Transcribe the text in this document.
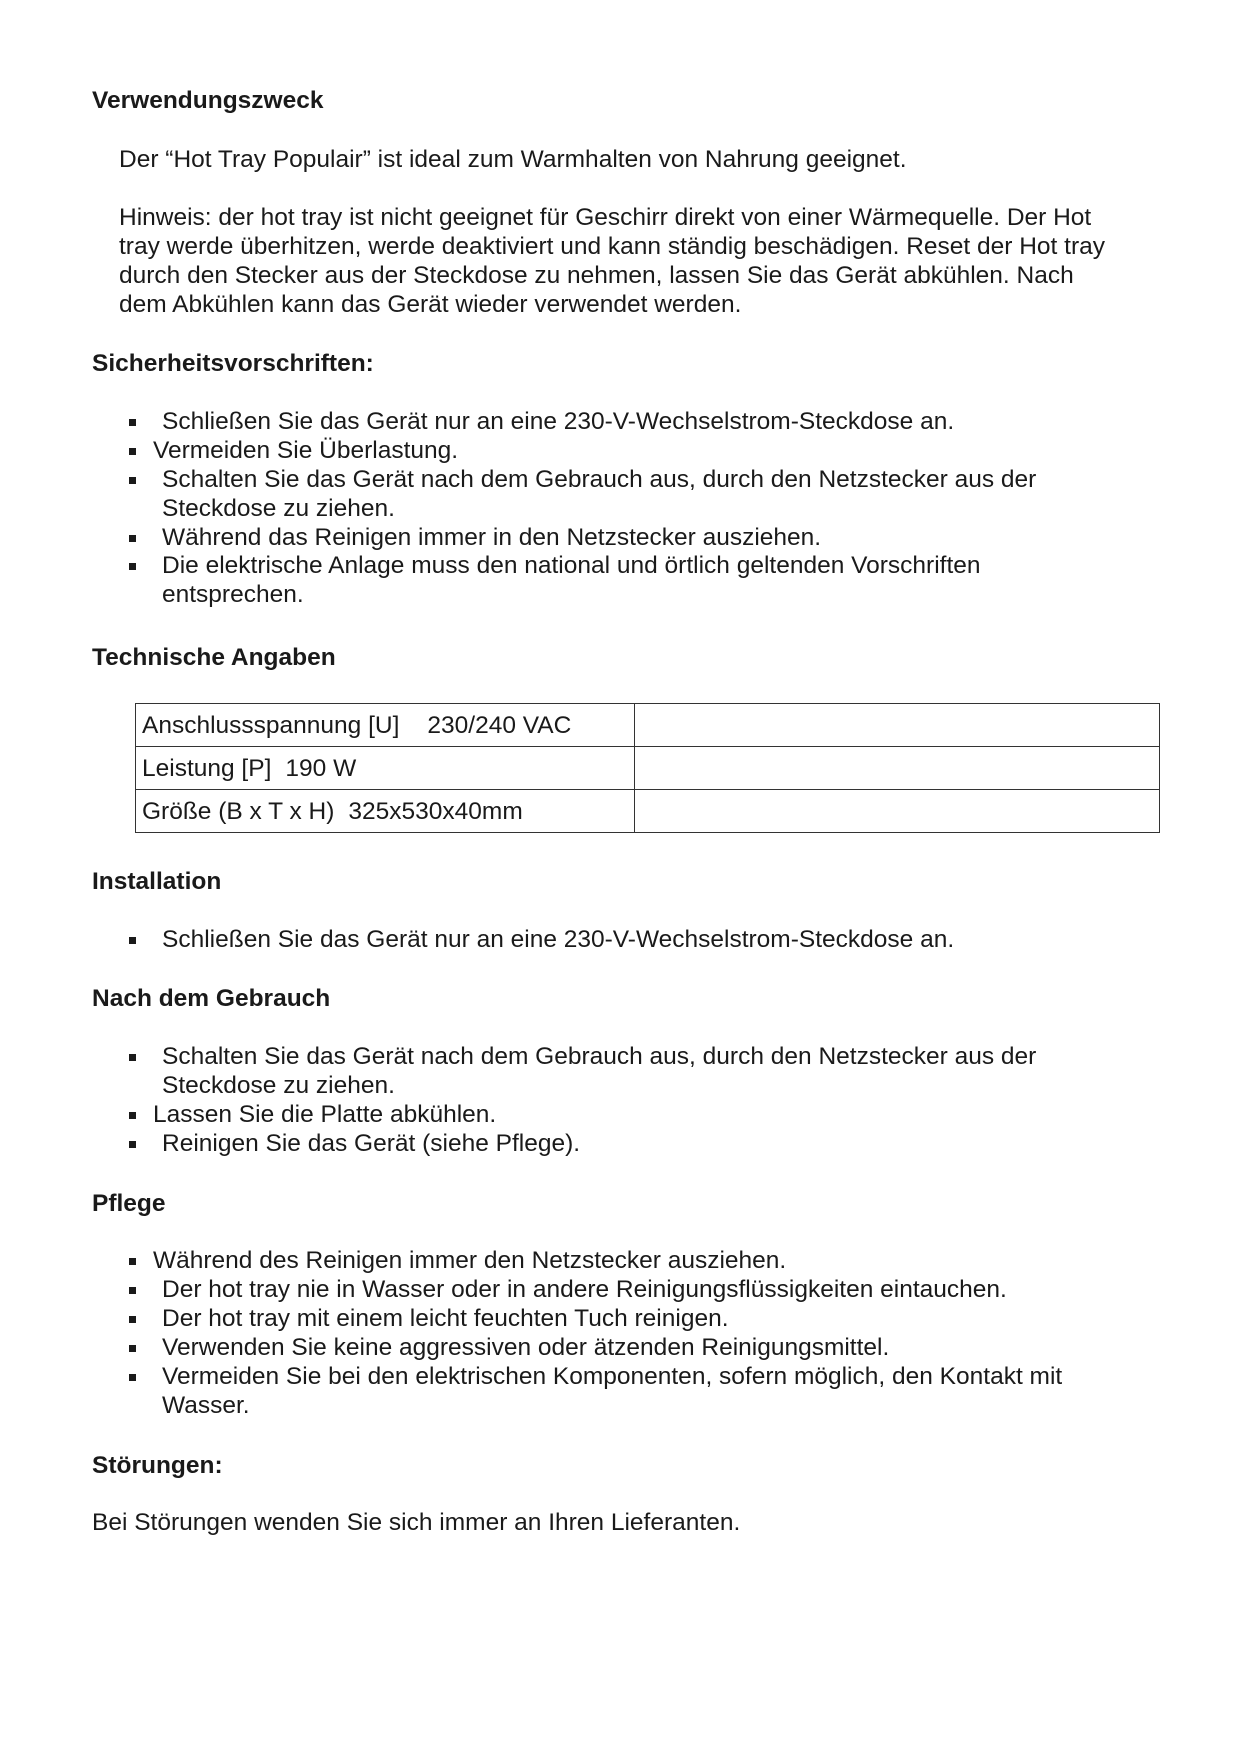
Verwendungszweck

Der “Hot Tray Populair” ist ideal zum Warmhalten von Nahrung geeignet.

Hinweis: der hot tray ist nicht geeignet für Geschirr direkt von einer Wärmequelle. Der Hot

tray werde überhitzen, werde deaktiviert und kann ständig beschädigen. Reset der Hot tray

durch den Stecker aus der Steckdose zu nehmen, lassen Sie das Gerät abkühlen. Nach

dem Abkühlen kann das Gerät wieder verwendet werden.

Sicherheitsvorschriften:
Schließen Sie das Gerät nur an eine 230-V-Wechselstrom-Steckdose an.
Vermeiden Sie Überlastung.
Schalten Sie das Gerät nach dem Gebrauch aus, durch den Netzstecker aus der
Steckdose zu ziehen.
Während das Reinigen immer in den Netzstecker ausziehen.
Die elektrische Anlage muss den national und örtlich geltenden Vorschriften
entsprechen.
Technische Angaben
Anschlussspannung [U] 230/240 VAC	
Leistung [P] 190 W	
Größe (B x T x H) 325x530x40mm	
Installation
Schließen Sie das Gerät nur an eine 230-V-Wechselstrom-Steckdose an.
Nach dem Gebrauch
Schalten Sie das Gerät nach dem Gebrauch aus, durch den Netzstecker aus der
Steckdose zu ziehen.
Lassen Sie die Platte abkühlen.
Reinigen Sie das Gerät (siehe Pflege).
Pflege
Während des Reinigen immer den Netzstecker ausziehen.
Der hot tray nie in Wasser oder in andere Reinigungsflüssigkeiten eintauchen.
Der hot tray mit einem leicht feuchten Tuch reinigen.
Verwenden Sie keine aggressiven oder ätzenden Reinigungsmittel.
Vermeiden Sie bei den elektrischen Komponenten, sofern möglich, den Kontakt mit
Wasser.
Störungen:

Bei Störungen wenden Sie sich immer an Ihren Lieferanten.
